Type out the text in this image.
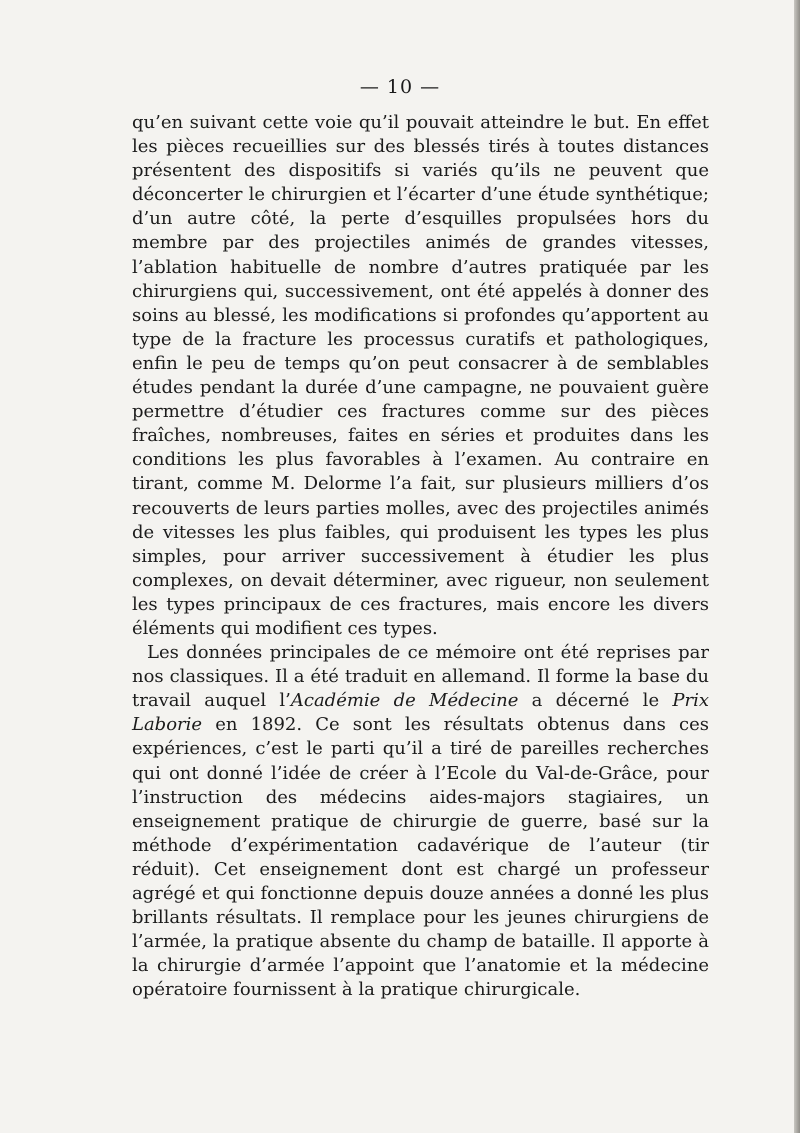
— 10 —

qu’en suivant cette voie qu’il pouvait atteindre le but. En effet les pièces recueillies sur des blessés tirés à toutes distances présentent des dispositifs si variés qu’ils ne peuvent que déconcerter le chirurgien et l’écarter d’une étude synthétique; d’un autre côté, la perte d’esquilles propulsées hors du membre par des projectiles animés de grandes vitesses, l’ablation habituelle de nombre d’autres pratiquée par les chirurgiens qui, successivement, ont été appelés à donner des soins au blessé, les modifications si profondes qu’apportent au type de la fracture les processus curatifs et pathologiques, enfin le peu de temps qu’on peut consacrer à de semblables études pendant la durée d’une campagne, ne pouvaient guère permettre d’étudier ces fractures comme sur des pièces fraîches, nombreuses, faites en séries et produites dans les conditions les plus favorables à l’examen. Au contraire en tirant, comme M. Delorme l’a fait, sur plusieurs milliers d’os recouverts de leurs parties molles, avec des projectiles animés de vitesses les plus faibles, qui produisent les types les plus simples, pour arriver successivement à étudier les plus complexes, on devait déterminer, avec rigueur, non seulement les types principaux de ces fractures, mais encore les divers éléments qui modifient ces types.

Les données principales de ce mémoire ont été reprises par nos classiques. Il a été traduit en allemand. Il forme la base du travail auquel l’Académie de Médecine a décerné le Prix Laborie en 1892. Ce sont les résultats obtenus dans ces expériences, c’est le parti qu’il a tiré de pareilles recherches qui ont donné l’idée de créer à l’Ecole du Val-de-Grâce, pour l’instruction des médecins aides-majors stagiaires, un enseignement pratique de chirurgie de guerre, basé sur la méthode d’expérimentation cadavérique de l’auteur (tir réduit). Cet enseignement dont est chargé un professeur agrégé et qui fonctionne depuis douze années a donné les plus brillants résultats. Il remplace pour les jeunes chirurgiens de l’armée, la pratique absente du champ de bataille. Il apporte à la chirurgie d’armée l’appoint que l’anatomie et la médecine opératoire fournissent à la pratique chirurgicale.
